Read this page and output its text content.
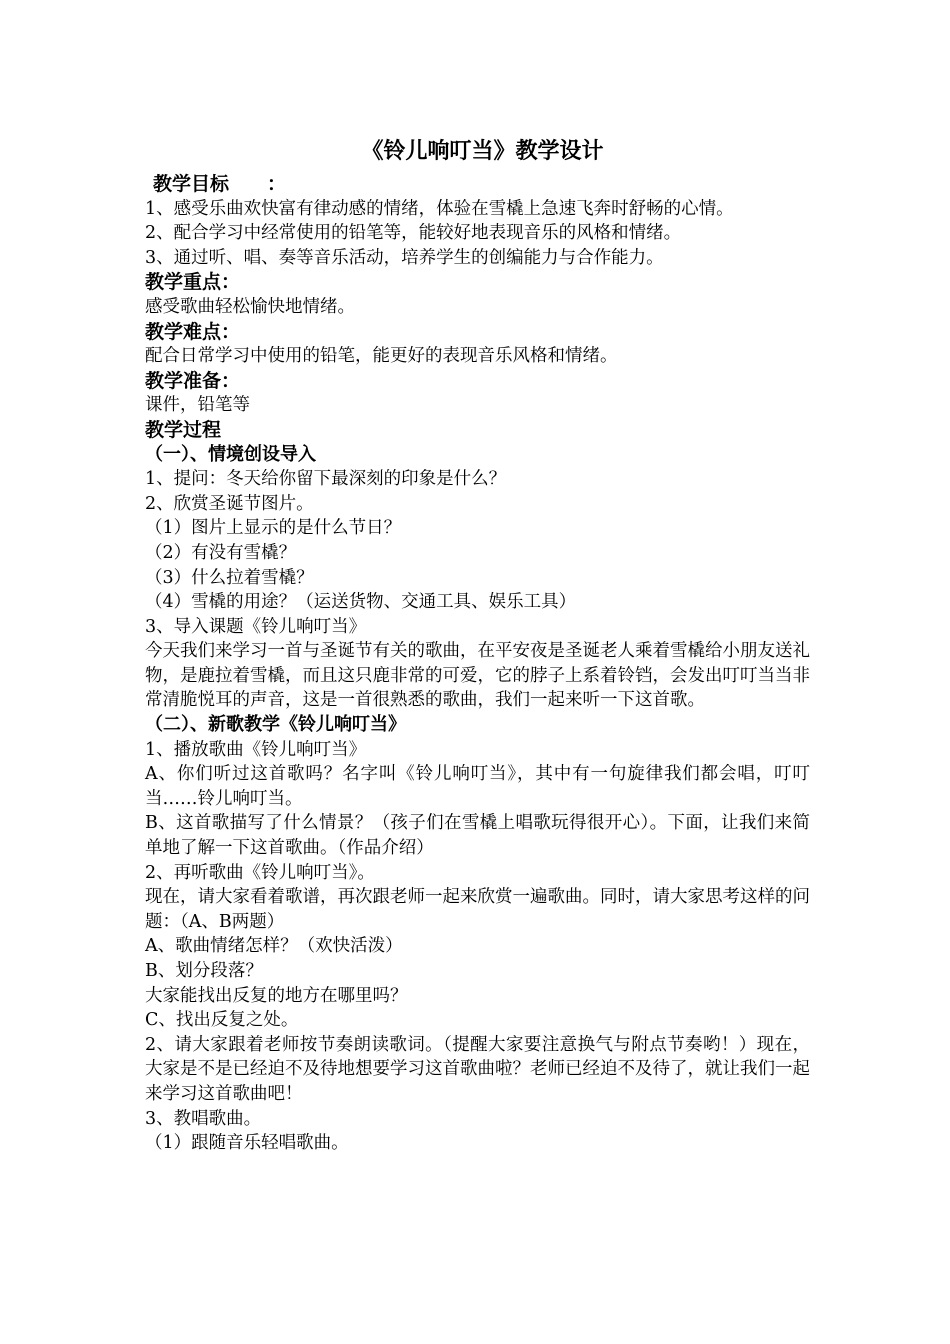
《铃儿响叮当》教学设计

教学目标　　：

1、感受乐曲欢快富有律动感的情绪，体验在雪橇上急速飞奔时舒畅的心情。

2、配合学习中经常使用的铅笔等，能较好地表现音乐的风格和情绪。

3、通过听、唱、奏等音乐活动，培养学生的创编能力与合作能力。

教学重点：

感受歌曲轻松愉快地情绪。

教学难点：

配合日常学习中使用的铅笔，能更好的表现音乐风格和情绪。

教学准备：

课件，铅笔等

教学过程

（一）、情境创设导入

1、提问：冬天给你留下最深刻的印象是什么？

2、欣赏圣诞节图片。

（1）图片上显示的是什么节日？

（2）有没有雪橇？

（3）什么拉着雪橇？

（4）雪橇的用途？（运送货物、交通工具、娱乐工具）

3、导入课题《铃儿响叮当》

今天我们来学习一首与圣诞节有关的歌曲，在平安夜是圣诞老人乘着雪橇给小朋友送礼物，是鹿拉着雪橇，而且这只鹿非常的可爱，它的脖子上系着铃铛，会发出叮叮当当非常清脆悦耳的声音，这是一首很熟悉的歌曲，我们一起来听一下这首歌。

（二）、新歌教学《铃儿响叮当》

1、播放歌曲《铃儿响叮当》

A、你们听过这首歌吗？名字叫《铃儿响叮当》，其中有一句旋律我们都会唱，叮叮当……铃儿响叮当。

B、这首歌描写了什么情景？（孩子们在雪橇上唱歌玩得很开心）。下面，让我们来简单地了解一下这首歌曲。（作品介绍）

2、再听歌曲《铃儿响叮当》。

现在，请大家看着歌谱，再次跟老师一起来欣赏一遍歌曲。同时，请大家思考这样的问题：（A、B两题）

A、歌曲情绪怎样？（欢快活泼）

B、划分段落？

大家能找出反复的地方在哪里吗？

C、找出反复之处。

2、请大家跟着老师按节奏朗读歌词。（提醒大家要注意换气与附点节奏哟！）现在，大家是不是已经迫不及待地想要学习这首歌曲啦？老师已经迫不及待了，就让我们一起来学习这首歌曲吧！

3、教唱歌曲。

（1）跟随音乐轻唱歌曲。
